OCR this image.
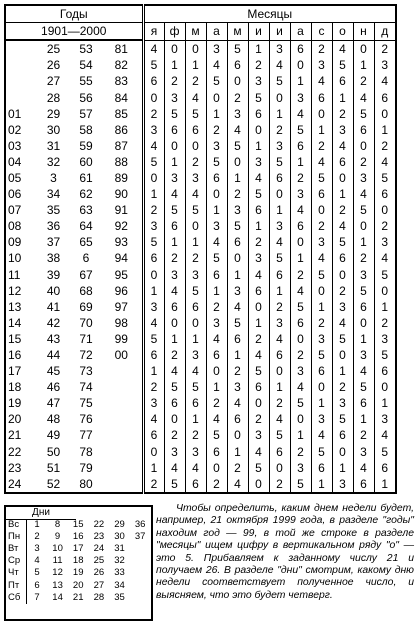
Годы				Месяцы											
1901—2000				я	ф	м	а	м	и	и	а	с	о	н	д
	25	53	81	4	0	0	3	5	1	3	6	2	4	0	2
	26	54	82	5	1	1	4	6	2	4	0	3	5	1	3
	27	55	83	6	2	2	5	0	3	5	1	4	6	2	4
	28	56	84	0	3	4	0	2	5	0	3	6	1	4	6
01	29	57	85	2	5	5	1	3	6	1	4	0	2	5	0
02	30	58	86	3	6	6	2	4	0	2	5	1	3	6	1
03	31	59	87	4	0	0	3	5	1	3	6	2	4	0	2
04	32	60	88	5	1	2	5	0	3	5	1	4	6	2	4
05	3	61	89	0	3	3	6	1	4	6	2	5	0	3	5
06	34	62	90	1	4	4	0	2	5	0	3	6	1	4	6
07	35	63	91	2	5	5	1	3	6	1	4	0	2	5	0
08	36	64	92	3	6	0	3	5	1	3	6	2	4	0	2
09	37	65	93	5	1	1	4	6	2	4	0	3	5	1	3
10	38	6	94	6	2	2	5	0	3	5	1	4	6	2	4
11	39	67	95	0	3	3	6	1	4	6	2	5	0	3	5
12	40	68	96	1	4	5	1	3	6	1	4	0	2	5	0
13	41	69	97	3	6	6	2	4	0	2	5	1	3	6	1
14	42	70	98	4	0	0	3	5	1	3	6	2	4	0	2
15	43	71	99	5	1	1	4	6	2	4	0	3	5	1	3
16	44	72	00	6	2	3	6	1	4	6	2	5	0	3	5
17	45	73		1	4	4	0	2	5	0	3	6	1	4	6
18	46	74		2	5	5	1	3	6	1	4	0	2	5	0
19	47	75		3	6	6	2	4	0	2	5	1	3	6	1
20	48	76		4	0	1	4	6	2	4	0	3	5	1	3
21	49	77		6	2	2	5	0	3	5	1	4	6	2	4
22	50	78		0	3	3	6	1	4	6	2	5	0	3	5
23	51	79		1	4	4	0	2	5	0	3	6	1	4	6
24	52	80		2	5	6	2	4	0	2	5	1	3	6	1
Дни
Вс	1	8	15	22	29	36
Пн	2	9	16	23	30	37
Вт	3	10	17	24	31	
Ср	4	11	18	25	32	
Чт	5	12	19	26	33	
Пт	6	13	20	27	34	
Сб	7	14	21	28	35	
Чтобы определить, каким днем недели будет, например, 21 октября 1999 года, в разделе "годы" находим год — 99, в той же строке в разделе "месяцы" ищем цифру в вертикальном ряду "о" — это 5. Прибавляем к заданному числу 21 и получаем 26. В разделе "дни" смотрим, какому дню недели соответствует полученное число, и выясняем, что это будет четверг.
